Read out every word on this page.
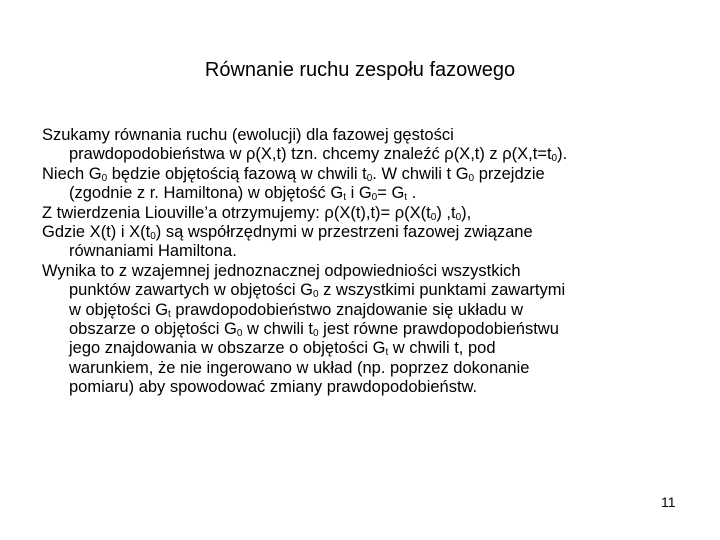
Równanie ruchu zespołu fazowego

Szukamy równania ruchu (ewolucji) dla fazowej gęstości
prawdopodobieństwa w ρ(X,t) tzn. chcemy znaleźć ρ(X,t) z $\rho(X,t=t_0)$.

Niech $G_0$ będzie objętością fazową w chwili $t_0$. W chwili t $G_0$ przejdzie
(zgodnie z r. Hamiltona) w objętość $G_t$ i $G_0= G_t$ .

Z twierdzenia Liouville’a otrzymujemy: $\rho(X(t),t)= \rho(X(t_0)$ $,t_0$),

Gdzie X(t) i $X(t_0)$ są współrzędnymi w przestrzeni fazowej związane
równaniami Hamiltona.

Wynika to z wzajemnej jednoznacznej odpowiedniości wszystkich
punktów zawartych w objętości $G_0$ z wszystkimi punktami zawartymi
w objętości $G_t$ prawdopodobieństwo znajdowanie się układu w
obszarze o objętości $G_0$ w chwili $t_0$ jest równe prawdopodobieństwu
jego znajdowania w obszarze o objętości $G_t$ w chwili t, pod
warunkiem, że nie ingerowano w układ (np. poprzez dokonanie
pomiaru) aby spowodować zmiany prawdopodobieństw.

11
